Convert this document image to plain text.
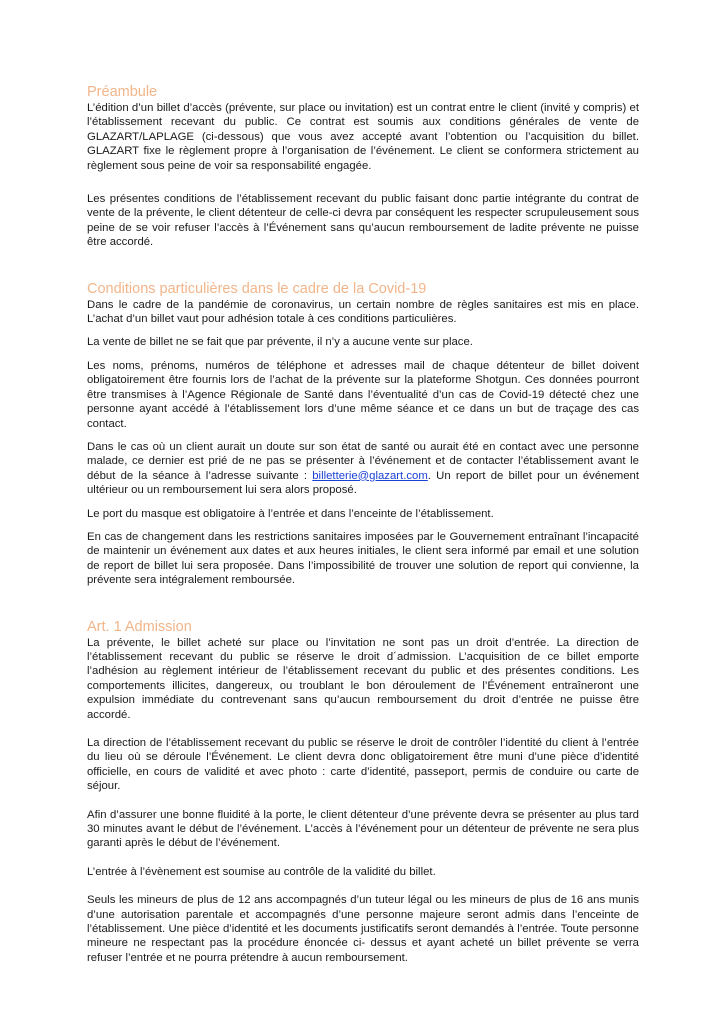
Préambule

L’édition d’un billet d’accès (prévente, sur place ou invitation) est un contrat entre le client (invité y compris) et l’établissement recevant du public. Ce contrat est soumis aux conditions générales de vente de GLAZART/LAPLAGE (ci-dessous) que vous avez accepté avant l’obtention ou l’acquisition du billet. GLAZART fixe le règlement propre à l’organisation de l’événement. Le client se conformera strictement au règlement sous peine de voir sa responsabilité engagée.

Les présentes conditions de l’établissement recevant du public faisant donc partie intégrante du contrat de vente de la prévente, le client détenteur de celle-ci devra par conséquent les respecter scrupuleusement sous peine de se voir refuser l’accès à l’Événement sans qu’aucun remboursement de ladite prévente ne puisse être accordé.

Conditions particulières dans le cadre de la Covid-19

Dans le cadre de la pandémie de coronavirus, un certain nombre de règles sanitaires est mis en place. L’achat d’un billet vaut pour adhésion totale à ces conditions particulières.

La vente de billet ne se fait que par prévente, il n’y a aucune vente sur place.

Les noms, prénoms, numéros de téléphone et adresses mail de chaque détenteur de billet doivent obligatoirement être fournis lors de l’achat de la prévente sur la plateforme Shotgun. Ces données pourront être transmises à l’Agence Régionale de Santé dans l’éventualité d’un cas de Covid-19 détecté chez une personne ayant accédé à l’établissement lors d’une même séance et ce dans un but de traçage des cas contact.

Dans le cas où un client aurait un doute sur son état de santé ou aurait été en contact avec une personne malade, ce dernier est prié de ne pas se présenter à l’événement et de contacter l’établissement avant le début de la séance à l’adresse suivante : billetterie@glazart.com. Un report de billet pour un événement ultérieur ou un remboursement lui sera alors proposé.

Le port du masque est obligatoire à l’entrée et dans l’enceinte de l’établissement.

En cas de changement dans les restrictions sanitaires imposées par le Gouvernement entraînant l’incapacité de maintenir un événement aux dates et aux heures initiales, le client sera informé par email et une solution de report de billet lui sera proposée. Dans l’impossibilité de trouver une solution de report qui convienne, la prévente sera intégralement remboursée.

Art. 1 Admission

La prévente, le billet acheté sur place ou l’invitation ne sont pas un droit d’entrée. La direction de l’établissement recevant du public se réserve le droit d´admission. L’acquisition de ce billet emporte l’adhésion au règlement intérieur de l’établissement recevant du public et des présentes conditions. Les comportements illicites, dangereux, ou troublant le bon déroulement de l’Événement entraîneront une expulsion immédiate du contrevenant sans qu’aucun remboursement du droit d’entrée ne puisse être accordé.

La direction de l’établissement recevant du public se réserve le droit de contrôler l’identité du client à l’entrée du lieu où se déroule l’Événement. Le client devra donc obligatoirement être muni d’une pièce d’identité officielle, en cours de validité et avec photo : carte d’identité, passeport, permis de conduire ou carte de séjour.

Afin d’assurer une bonne fluidité à la porte, le client détenteur d’une prévente devra se présenter au plus tard 30 minutes avant le début de l’événement. L’accès à l’événement pour un détenteur de prévente ne sera plus garanti après le début de l’événement.

L’entrée à l’évènement est soumise au contrôle de la validité du billet.

Seuls les mineurs de plus de 12 ans accompagnés d’un tuteur légal ou les mineurs de plus de 16 ans munis d’une autorisation parentale et accompagnés d’une personne majeure seront admis dans l’enceinte de l’établissement. Une pièce d’identité et les documents justificatifs seront demandés à l’entrée. Toute personne mineure ne respectant pas la procédure énoncée ci- dessus et ayant acheté un billet prévente se verra refuser l’entrée et ne pourra prétendre à aucun remboursement.
